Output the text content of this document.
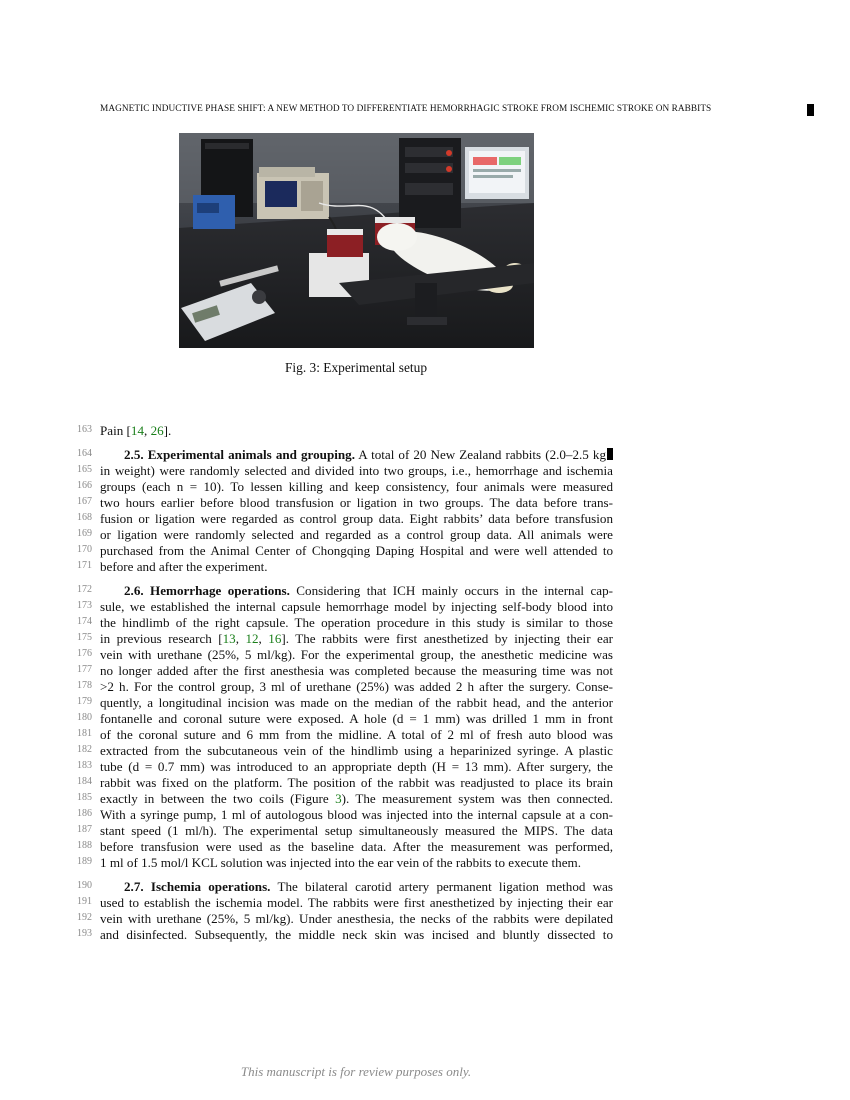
MAGNETIC INDUCTIVE PHASE SHIFT: A NEW METHOD TO DIFFERENTIATE HEMORRHAGIC STROKE FROM ISCHEMIC STROKE ON RABBITS
Fig. 3: Experimental setup
163 Pain [14, 26].
164	2.5. Experimental animals and grouping. A total of 20 New Zealand rabbits (2.0–2.5 kg
165 in weight) were randomly selected and divided into two groups, i.e., hemorrhage and ischemia
166 groups (each n = 10). To lessen killing and keep consistency, four animals were measured
167 two hours earlier before blood transfusion or ligation in two groups. The data before trans-
168 fusion or ligation were regarded as control group data. Eight rabbits’ data before transfusion
169 or ligation were randomly selected and regarded as a control group data. All animals were
170 purchased from the Animal Center of Chongqing Daping Hospital and were well attended to
171 before and after the experiment.
172	2.6. Hemorrhage operations. Considering that ICH mainly occurs in the internal cap-
173 sule, we established the internal capsule hemorrhage model by injecting self-body blood into
174 the hindlimb of the right capsule. The operation procedure in this study is similar to those
175 in previous research [13, 12, 16]. The rabbits were first anesthetized by injecting their ear
176 vein with urethane (25%, 5 ml/kg). For the experimental group, the anesthetic medicine was
177 no longer added after the first anesthesia was completed because the measuring time was not
178 >2 h. For the control group, 3 ml of urethane (25%) was added 2 h after the surgery. Conse-
179 quently, a longitudinal incision was made on the median of the rabbit head, and the anterior
180 fontanelle and coronal suture were exposed. A hole (d = 1 mm) was drilled 1 mm in front
181 of the coronal suture and 6 mm from the midline. A total of 2 ml of fresh auto blood was
182 extracted from the subcutaneous vein of the hindlimb using a heparinized syringe. A plastic
183 tube (d = 0.7 mm) was introduced to an appropriate depth (H = 13 mm). After surgery, the
184 rabbit was fixed on the platform. The position of the rabbit was readjusted to place its brain
185 exactly in between the two coils (Figure 3). The measurement system was then connected.
186 With a syringe pump, 1 ml of autologous blood was injected into the internal capsule at a con-
187 stant speed (1 ml/h). The experimental setup simultaneously measured the MIPS. The data
188 before transfusion were used as the baseline data. After the measurement was performed,
189 1 ml of 1.5 mol/l KCL solution was injected into the ear vein of the rabbits to execute them.
190	2.7. Ischemia operations. The bilateral carotid artery permanent ligation method was
191 used to establish the ischemia model. The rabbits were first anesthetized by injecting their ear
192 vein with urethane (25%, 5 ml/kg). Under anesthesia, the necks of the rabbits were depilated
193 and disinfected. Subsequently, the middle neck skin was incised and bluntly dissected to
This manuscript is for review purposes only.
